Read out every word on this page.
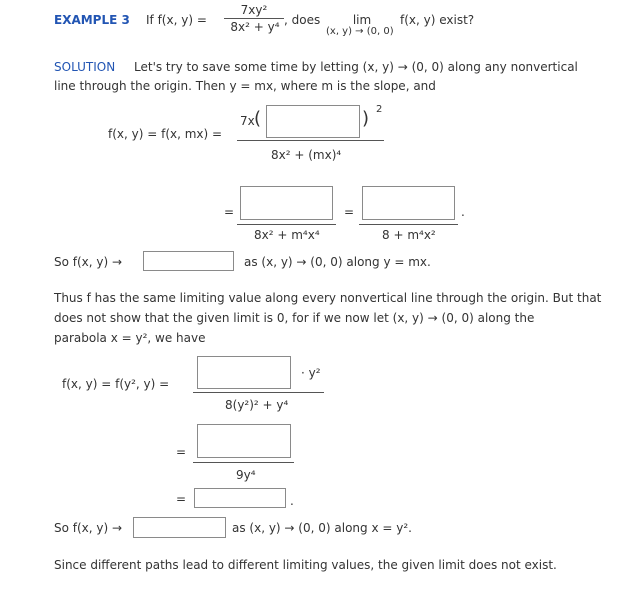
EXAMPLE 3 If f(x, y) =
7xy²
8x² + y⁴ , does	lim
(x, y) → (0, 0)
f(x, y) exist?
SOLUTION Let's try to save some time by letting (x, y) → (0, 0) along any nonvertical
line through the origin. Then y = mx, where m is the slope, and
f(x, y) = f(x, mx) =
7x (	) 2
8x² + (mx)⁴
=
8x² + m⁴x⁴
=
8 + m⁴x²
.
So f(x, y) →	as (x, y) → (0, 0) along y = mx.
Thus f has the same limiting value along every nonvertical line through the origin. But that
does not show that the given limit is 0, for if we now let (x, y) → (0, 0) along the
parabola x = y², we have
f(x, y) = f(y², y) =
· y²
8(y²)² + y⁴
=
9y⁴
=	.
So f(x, y) →	as (x, y) → (0, 0) along x = y².
Since different paths lead to different limiting values, the given limit does not exist.
